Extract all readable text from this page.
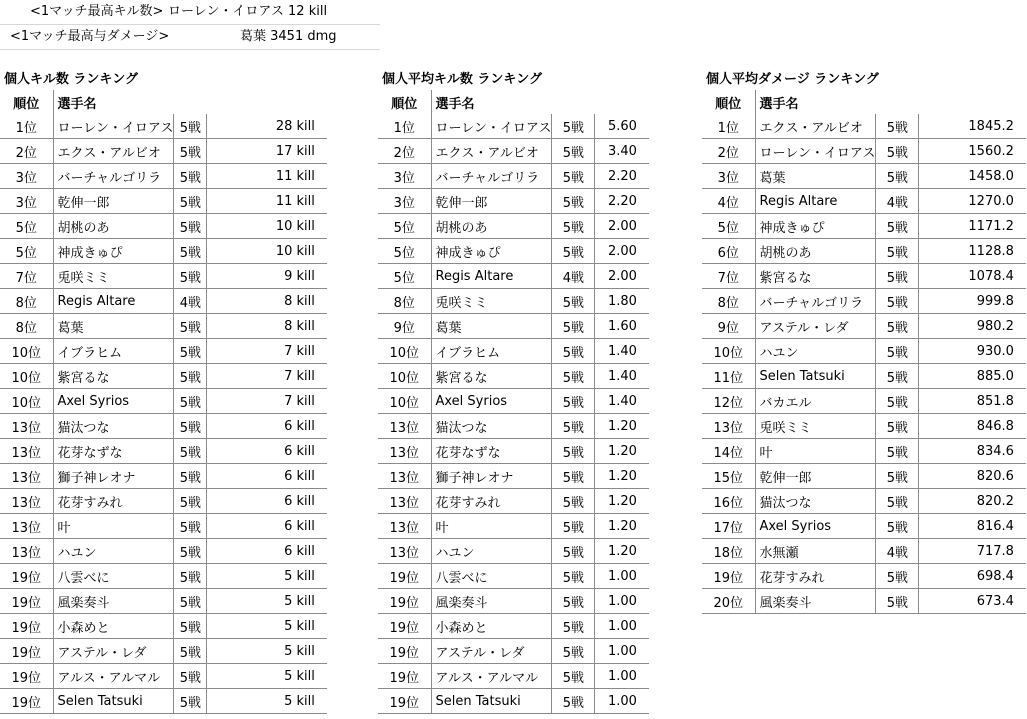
<1マッチ最高キル数> ローレン・イロアス 12 kill
<1マッチ最高与ダメージ>	葛葉 3451 dmg
個人キル数 ランキング
順位	選手名		
1位	ローレン・イロアス	5戦	28 kill
2位	エクス・アルビオ	5戦	17 kill
3位	バーチャルゴリラ	5戦	11 kill
3位	乾伸一郎	5戦	11 kill
5位	胡桃のあ	5戦	10 kill
5位	神成きゅぴ	5戦	10 kill
7位	兎咲ミミ	5戦	9 kill
8位	Regis Altare	4戦	8 kill
8位	葛葉	5戦	8 kill
10位	イブラヒム	5戦	7 kill
10位	紫宮るな	5戦	7 kill
10位	Axel Syrios	5戦	7 kill
13位	猫汰つな	5戦	6 kill
13位	花芽なずな	5戦	6 kill
13位	獅子神レオナ	5戦	6 kill
13位	花芽すみれ	5戦	6 kill
13位	叶	5戦	6 kill
13位	ハユン	5戦	6 kill
19位	八雲べに	5戦	5 kill
19位	風楽奏斗	5戦	5 kill
19位	小森めと	5戦	5 kill
19位	アステル・レダ	5戦	5 kill
19位	アルス・アルマル	5戦	5 kill
19位	Selen Tatsuki	5戦	5 kill
個人平均キル数 ランキング
順位	選手名		
1位	ローレン・イロアス	5戦	5.60
2位	エクス・アルビオ	5戦	3.40
3位	バーチャルゴリラ	5戦	2.20
3位	乾伸一郎	5戦	2.20
5位	胡桃のあ	5戦	2.00
5位	神成きゅぴ	5戦	2.00
5位	Regis Altare	4戦	2.00
8位	兎咲ミミ	5戦	1.80
9位	葛葉	5戦	1.60
10位	イブラヒム	5戦	1.40
10位	紫宮るな	5戦	1.40
10位	Axel Syrios	5戦	1.40
13位	猫汰つな	5戦	1.20
13位	花芽なずな	5戦	1.20
13位	獅子神レオナ	5戦	1.20
13位	花芽すみれ	5戦	1.20
13位	叶	5戦	1.20
13位	ハユン	5戦	1.20
19位	八雲べに	5戦	1.00
19位	風楽奏斗	5戦	1.00
19位	小森めと	5戦	1.00
19位	アステル・レダ	5戦	1.00
19位	アルス・アルマル	5戦	1.00
19位	Selen Tatsuki	5戦	1.00
個人平均ダメージ ランキング
順位	選手名		
1位	エクス・アルビオ	5戦	1845.2
2位	ローレン・イロアス	5戦	1560.2
3位	葛葉	5戦	1458.0
4位	Regis Altare	4戦	1270.0
5位	神成きゅぴ	5戦	1171.2
6位	胡桃のあ	5戦	1128.8
7位	紫宮るな	5戦	1078.4
8位	バーチャルゴリラ	5戦	999.8
9位	アステル・レダ	5戦	980.2
10位	ハユン	5戦	930.0
11位	Selen Tatsuki	5戦	885.0
12位	バカエル	5戦	851.8
13位	兎咲ミミ	5戦	846.8
14位	叶	5戦	834.6
15位	乾伸一郎	5戦	820.6
16位	猫汰つな	5戦	820.2
17位	Axel Syrios	5戦	816.4
18位	水無瀬	4戦	717.8
19位	花芽すみれ	5戦	698.4
20位	風楽奏斗	5戦	673.4
